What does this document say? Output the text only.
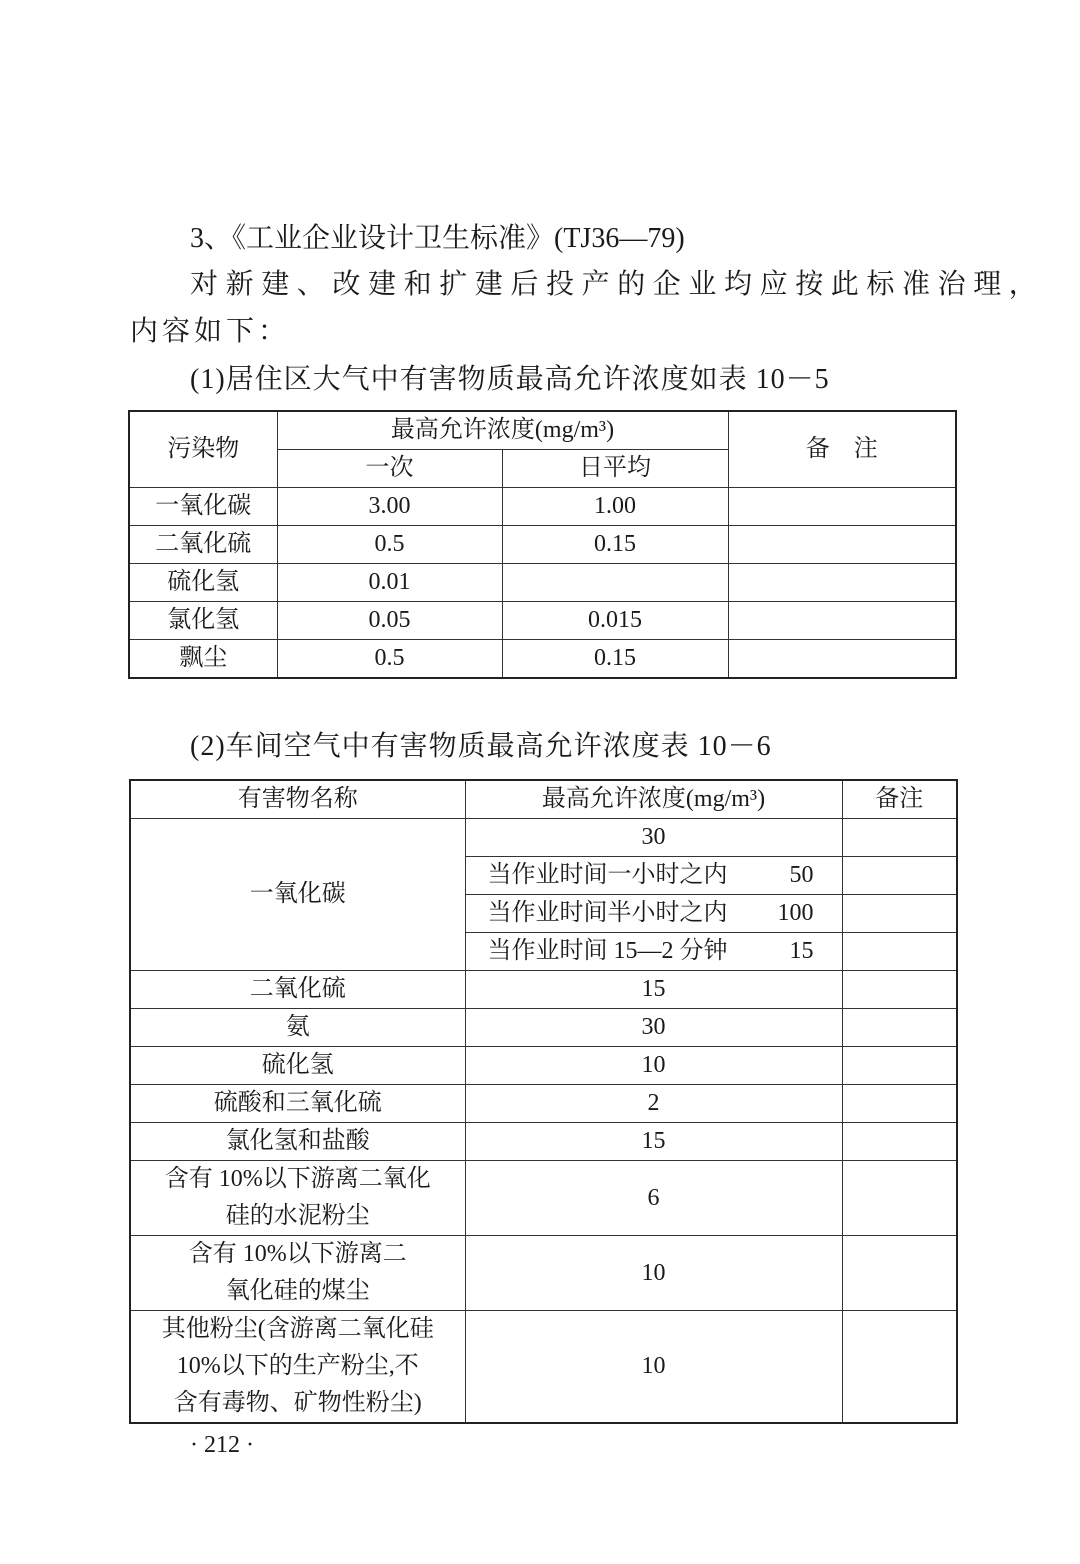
3、《工业企业设计卫生标准》(TJ36—79)
对新建、改建和扩建后投产的企业均应按此标准治理，
内容如下：
(1)居住区大气中有害物质最高允许浓度如表 10－5
污染物	最高允许浓度(mg/m³)		备　注
	一次	日平均	
一氧化碳	3.00	1.00	
二氧化硫	0.5	0.15	
硫化氢	0.01		
氯化氢	0.05	0.015	
飘尘	0.5	0.15	
(2)车间空气中有害物质最高允许浓度表 10－6
有害物名称	最高允许浓度(mg/m³)	备注
一氧化碳	30	

	当作业时间一小时之内 50	

	当作业时间半小时之内 100	

	当作业时间 15—2 分钟 15	

二氧化硫	15	

氨	30	

硫化氢	10	

硫酸和三氧化硫	2	

氯化氢和盐酸	15	

含有 10%以下游离二氧化
硅的水泥粉尘	6	

含有 10%以下游离二
氧化硅的煤尘	10	

其他粉尘(含游离二氧化硅
10%以下的生产粉尘,不
含有毒物、矿物性粉尘)	10	
· 212 ·
